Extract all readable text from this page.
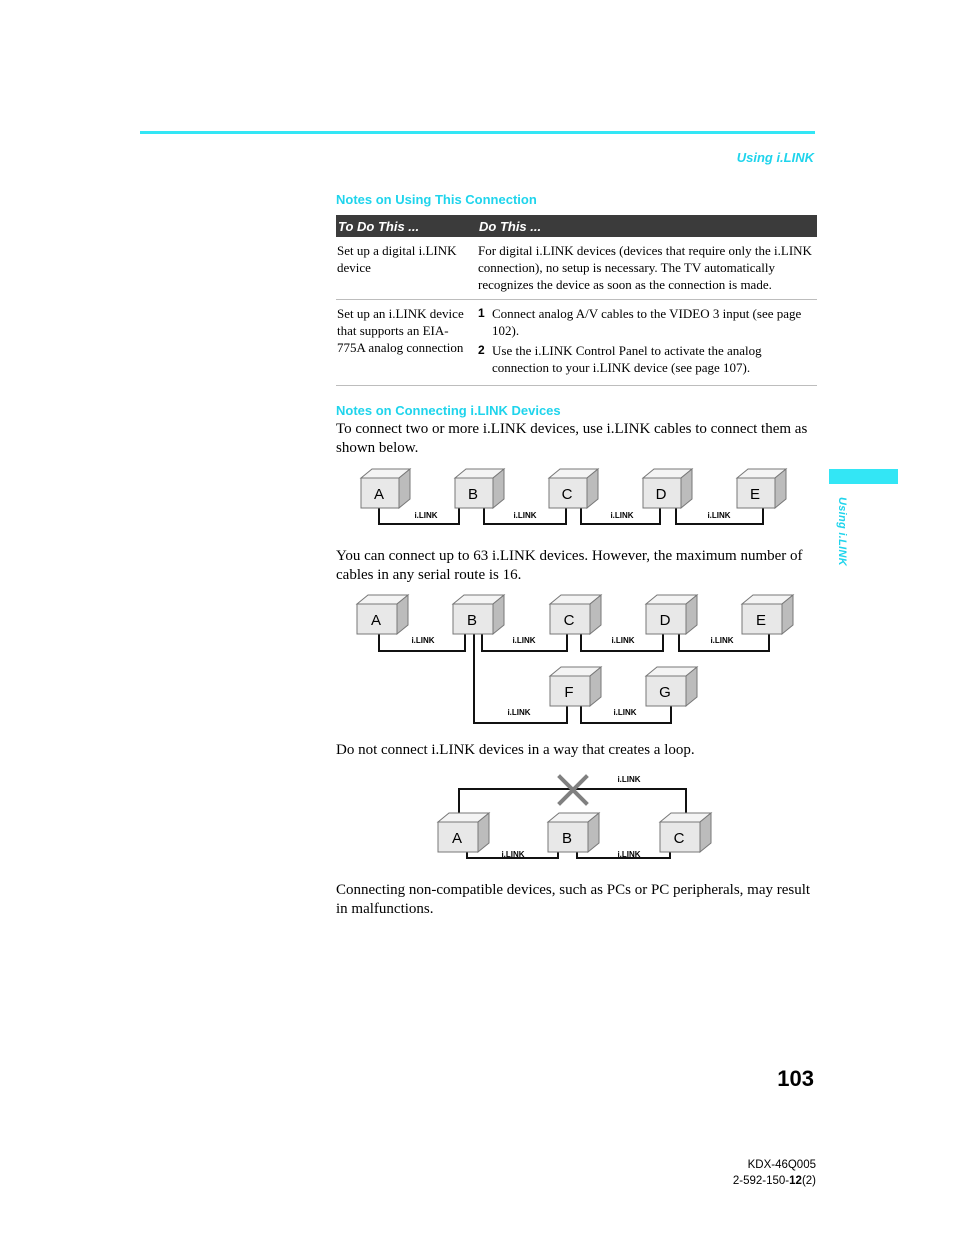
Using i.LINK
Using i.LINK
Notes on Using This Connection
To Do This ...	Do This ...
Set up a digital i.LINK device	For digital i.LINK devices (devices that require only the i.LINK connection), no setup is necessary. The TV automatically recognizes the device as soon as the connection is made.
Set up an i.LINK device that supports an EIA-775A analog connection	1 Connect analog A/V cables to the VIDEO 3 input (see page 102).
2 Use the i.LINK Control Panel to activate the analog connection to your i.LINK device (see page 107).
Notes on Connecting i.LINK Devices
To connect two or more i.LINK devices, use i.LINK cables to connect them as shown below.
A	B	C	D	E
i.LINK	i.LINK	i.LINK	i.LINK
You can connect up to 63 i.LINK devices. However, the maximum number of cables in any serial route is 16.
A	B	C	D	E
F	G
i.LINK	i.LINK	i.LINK	i.LINK
i.LINK	i.LINK
Do not connect i.LINK devices in a way that creates a loop.
A	B	C
i.LINK
i.LINK	i.LINK
Connecting non-compatible devices, such as PCs or PC peripherals, may result in malfunctions.
103
KDX-46Q005
2-592-150-12(2)
